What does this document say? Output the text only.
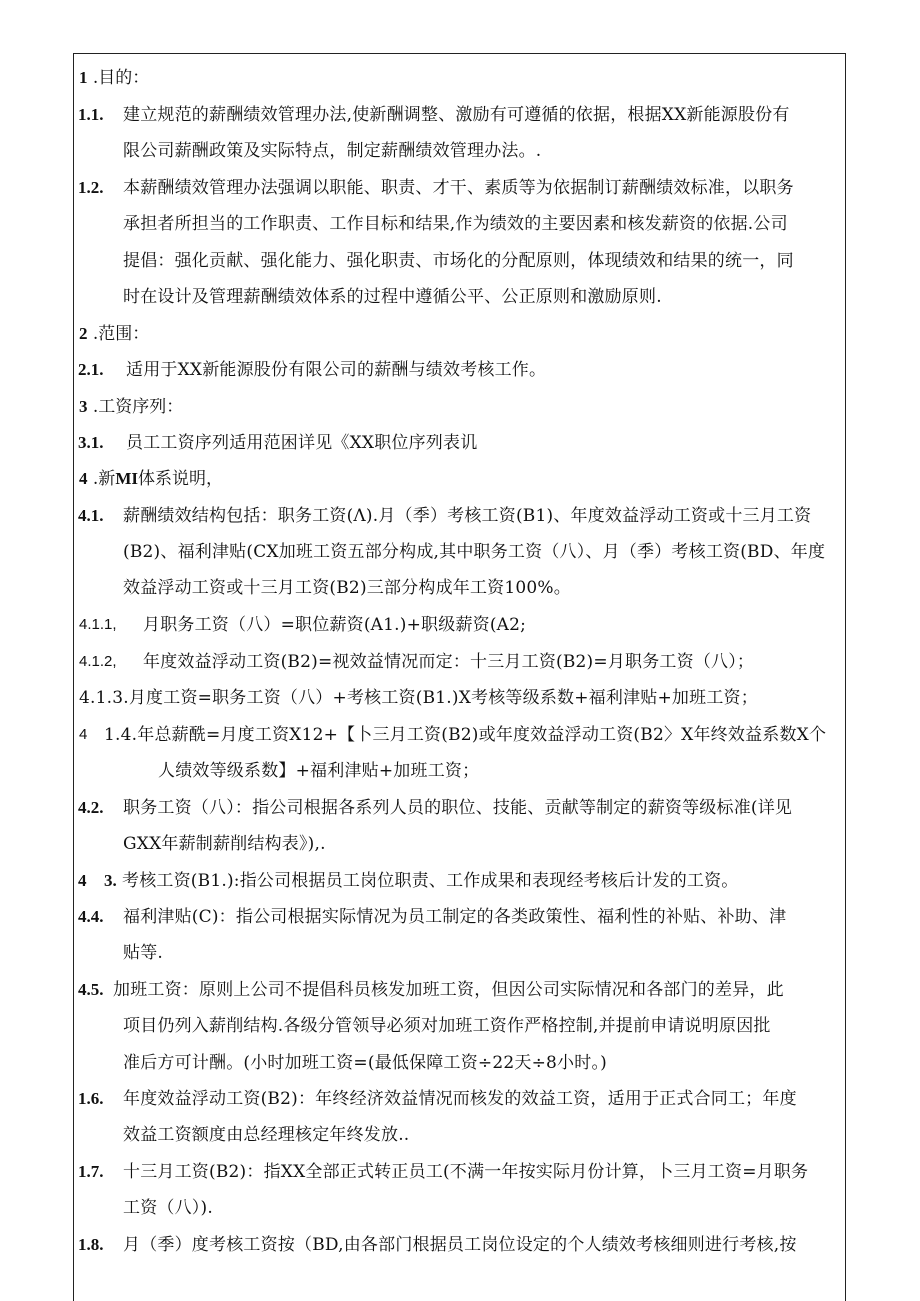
1 .目的：
1.1. 建立规范的薪酬绩效管理办法,使新酬调整、激励有可遵循的依据，根据XX新能源股份有
限公司薪酬政策及实际特点，制定薪酬绩效管理办法。.
1.2. 本薪酬绩效管理办法强调以职能、职责、才干、素质等为依据制订薪酬绩效标准，以职务
承担者所担当的工作职责、工作目标和结果,作为绩效的主要因素和核发薪资的依据.公司
提倡：强化贡献、强化能力、强化职责、市场化的分配原则，体现绩效和结果的统一，同
时在设计及管理薪酬绩效体系的过程中遵循公平、公正原则和激励原则.
2 .范围：
2.1. 适用于XX新能源股份有限公司的薪酬与绩效考核工作。
3 .工资序列：
3.1. 员工工资序列适用范困详见《XX职位序列表讥
4 .新MI体系说明，
4.1. 薪酬绩效结构包括：职务工资(Λ).月（季）考核工资(B1)、年度效益浮动工资或十三月工资
(B2)、福利津贴(CX加班工资五部分构成,其中职务工资（八）、月（季）考核工资(BD、年度
效益浮动工资或十三月工资(B2)三部分构成年工资100%。
4.1.1, 月职务工资（八）=职位薪资(A1.)+职级薪资(A2;
4.1.2, 年度效益浮动工资(B2)=视效益情况而定：十三月工资(B2)=月职务工资（八）；
4.1.3.月度工资=职务工资（八）+考核工资(B1.)X考核等级系数+福利津贴+加班工资；
4 1.4.年总薪酰=月度工资X12+【卜三月工资(B2)或年度效益浮动工资(B2〉X年终效益系数X个
人绩效等级系数】+福利津贴+加班工资；
4.2. 职务工资（八）：指公司根据各系列人员的职位、技能、贡献等制定的薪资等级标准(详见
GXX年薪制薪削结构表》),.
4 3. 考核工资(B1.):指公司根据员工岗位职责、工作成果和表现经考核后计发的工资。
4.4. 福利津贴(C)：指公司根据实际情况为员工制定的各类政策性、福利性的补贴、补助、津
贴等.
4.5. 加班工资：原则上公司不提倡科员核发加班工资，但因公司实际情况和各部门的差异，此
项目仍列入薪削结构.各级分管领导必须对加班工资作严格控制,并提前申请说明原因批
准后方可计酬。(小时加班工资=(最低保障工资÷22天÷8小时。)
1.6. 年度效益浮动工资(B2)：年终经济效益情况而核发的效益工资，适用于正式合同工；年度
效益工资额度由总经理核定年终发放..
1.7. 十三月工资(B2)：指XX全部正式转正员工(不满一年按实际月份计算，卜三月工资=月职务
工资（八）).
1.8. 月（季）度考核工资按（BD,由各部门根据员工岗位设定的个人绩效考核细则进行考核,按
